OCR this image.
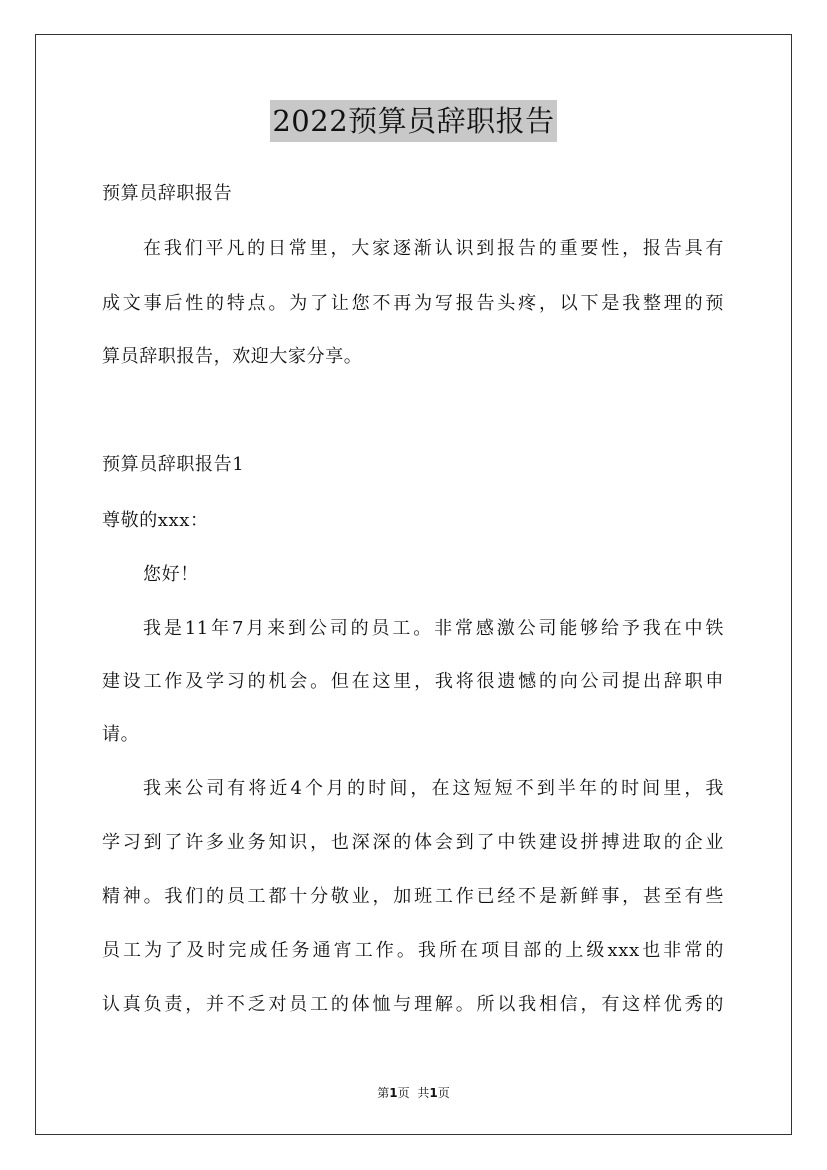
2022预算员辞职报告
预算员辞职报告
在我们平凡的日常里，大家逐渐认识到报告的重要性，报告具有
成文事后性的特点。为了让您不再为写报告头疼，以下是我整理的预
算员辞职报告，欢迎大家分享。
预算员辞职报告1
尊敬的xxx：
您好！
我是11年7月来到公司的员工。非常感激公司能够给予我在中铁
建设工作及学习的机会。但在这里，我将很遗憾的向公司提出辞职申
请。
我来公司有将近4个月的时间，在这短短不到半年的时间里，我
学习到了许多业务知识，也深深的体会到了中铁建设拼搏进取的企业
精神。我们的员工都十分敬业，加班工作已经不是新鲜事，甚至有些
员工为了及时完成任务通宵工作。我所在项目部的上级xxx也非常的
认真负责，并不乏对员工的体恤与理解。所以我相信，有这样优秀的
第1页 共1页
